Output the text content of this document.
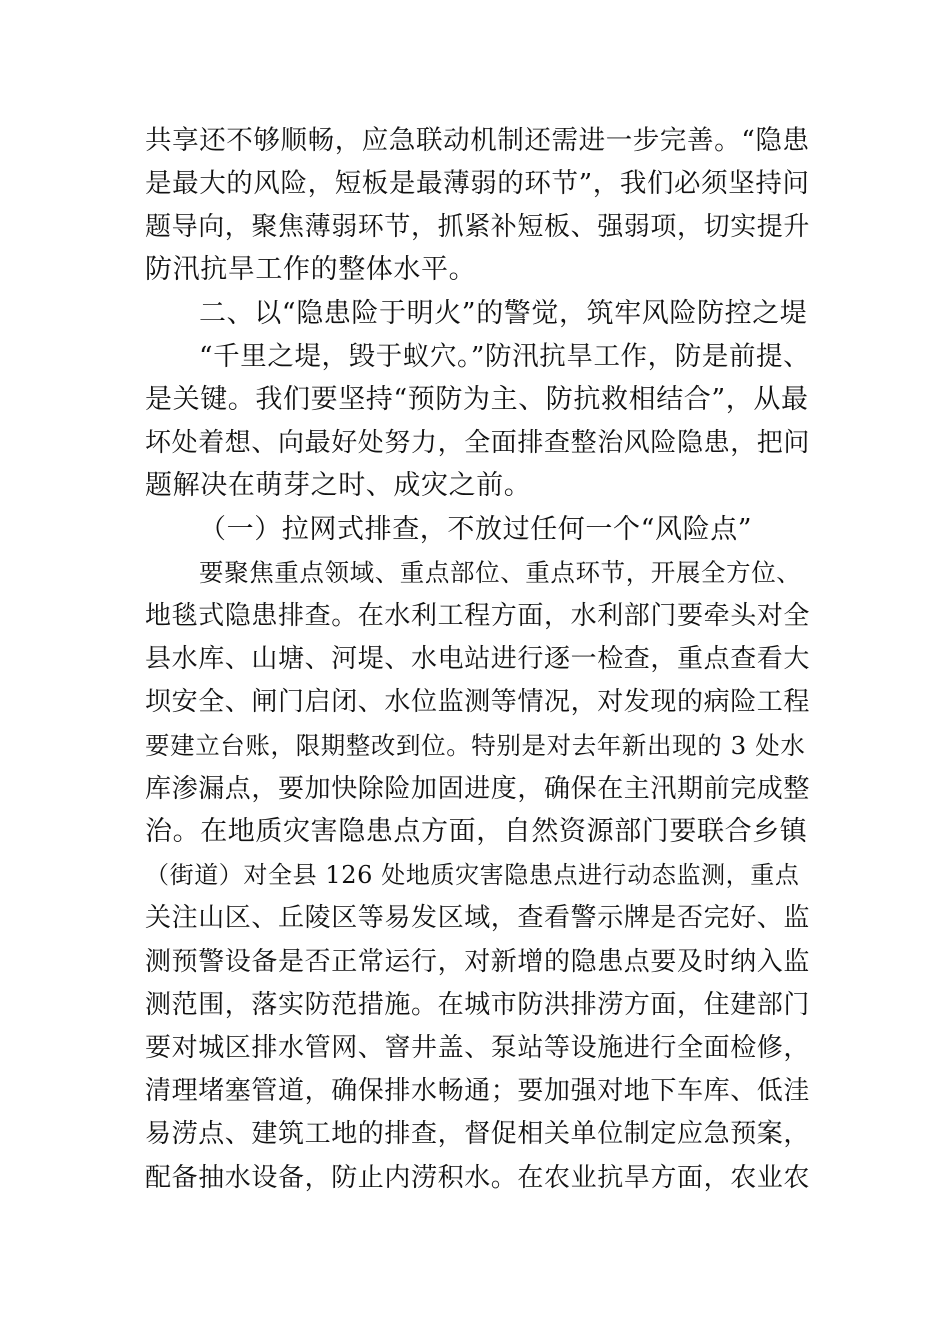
共享还不够顺畅，应急联动机制还需进一步完善。“隐患
是最大的风险，短板是最薄弱的环节”，我们必须坚持问
题导向，聚焦薄弱环节，抓紧补短板、强弱项，切实提升
防汛抗旱工作的整体水平。
二、以“隐患险于明火”的警觉，筑牢风险防控之堤
“千里之堤，毁于蚁穴。”防汛抗旱工作，防是前提、
是关键。我们要坚持“预防为主、防抗救相结合”，从最
坏处着想、向最好处努力，全面排查整治风险隐患，把问
题解决在萌芽之时、成灾之前。
（一）拉网式排查，不放过任何一个“风险点”
要聚焦重点领域、重点部位、重点环节，开展全方位、
地毯式隐患排查。在水利工程方面，水利部门要牵头对全
县水库、山塘、河堤、水电站进行逐一检查，重点查看大
坝安全、闸门启闭、水位监测等情况，对发现的病险工程
要建立台账，限期整改到位。特别是对去年新出现的 3 处水
库渗漏点，要加快除险加固进度，确保在主汛期前完成整
治。在地质灾害隐患点方面，自然资源部门要联合乡镇
（街道）对全县 126 处地质灾害隐患点进行动态监测，重点
关注山区、丘陵区等易发区域，查看警示牌是否完好、监
测预警设备是否正常运行，对新增的隐患点要及时纳入监
测范围，落实防范措施。在城市防洪排涝方面，住建部门
要对城区排水管网、窨井盖、泵站等设施进行全面检修，
清理堵塞管道，确保排水畅通；要加强对地下车库、低洼
易涝点、建筑工地的排查，督促相关单位制定应急预案，
配备抽水设备，防止内涝积水。在农业抗旱方面，农业农
